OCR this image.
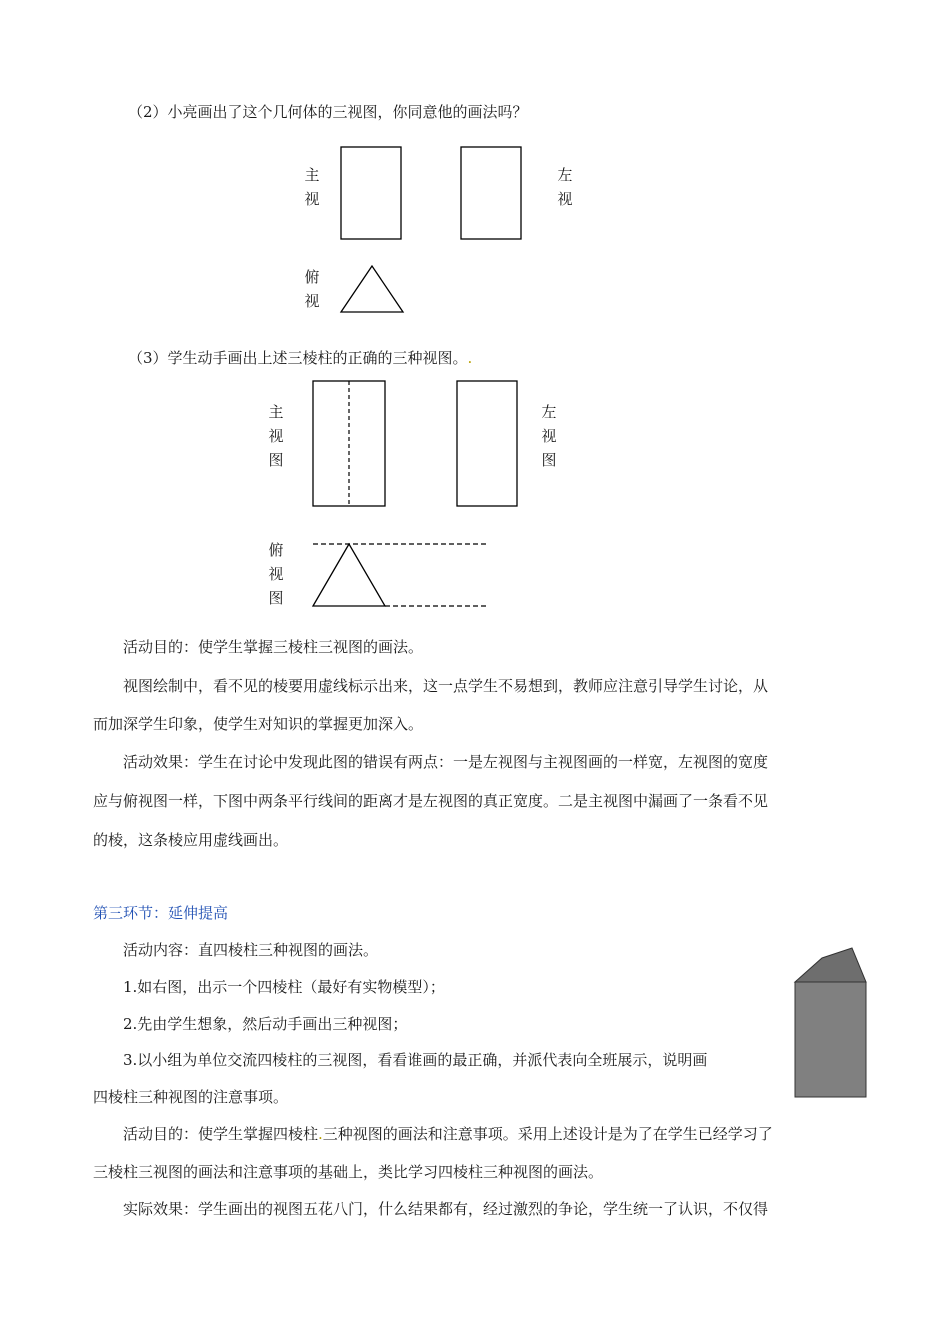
（2）小亮画出了这个几何体的三视图，你同意他的画法吗？
主
视
左
视
俯
视
（3）学生动手画出上述三棱柱的正确的三种视图。.
主
视
图
左
视
图
俯
视
图
活动目的：使学生掌握三棱柱三视图的画法。
视图绘制中，看不见的棱要用虚线标示出来，这一点学生不易想到，教师应注意引导学生讨论，从
而加深学生印象，使学生对知识的掌握更加深入。
活动效果：学生在讨论中发现此图的错误有两点：一是左视图与主视图画的一样宽，左视图的宽度
应与俯视图一样，下图中两条平行线间的距离才是左视图的真正宽度。二是主视图中漏画了一条看不见
的棱，这条棱应用虚线画出。
第三环节：延伸提高
活动内容：直四棱柱三种视图的画法。
1.如右图，出示一个四棱柱（最好有实物模型）；
2.先由学生想象，然后动手画出三种视图；
3.以小组为单位交流四棱柱的三视图，看看谁画的最正确，并派代表向全班展示，说明画
四棱柱三种视图的注意事项。
活动目的：使学生掌握四棱柱.三种视图的画法和注意事项。采用上述设计是为了在学生已经学习了
三棱柱三视图的画法和注意事项的基础上，类比学习四棱柱三种视图的画法。
实际效果：学生画出的视图五花八门，什么结果都有，经过激烈的争论，学生统一了认识，不仅得
